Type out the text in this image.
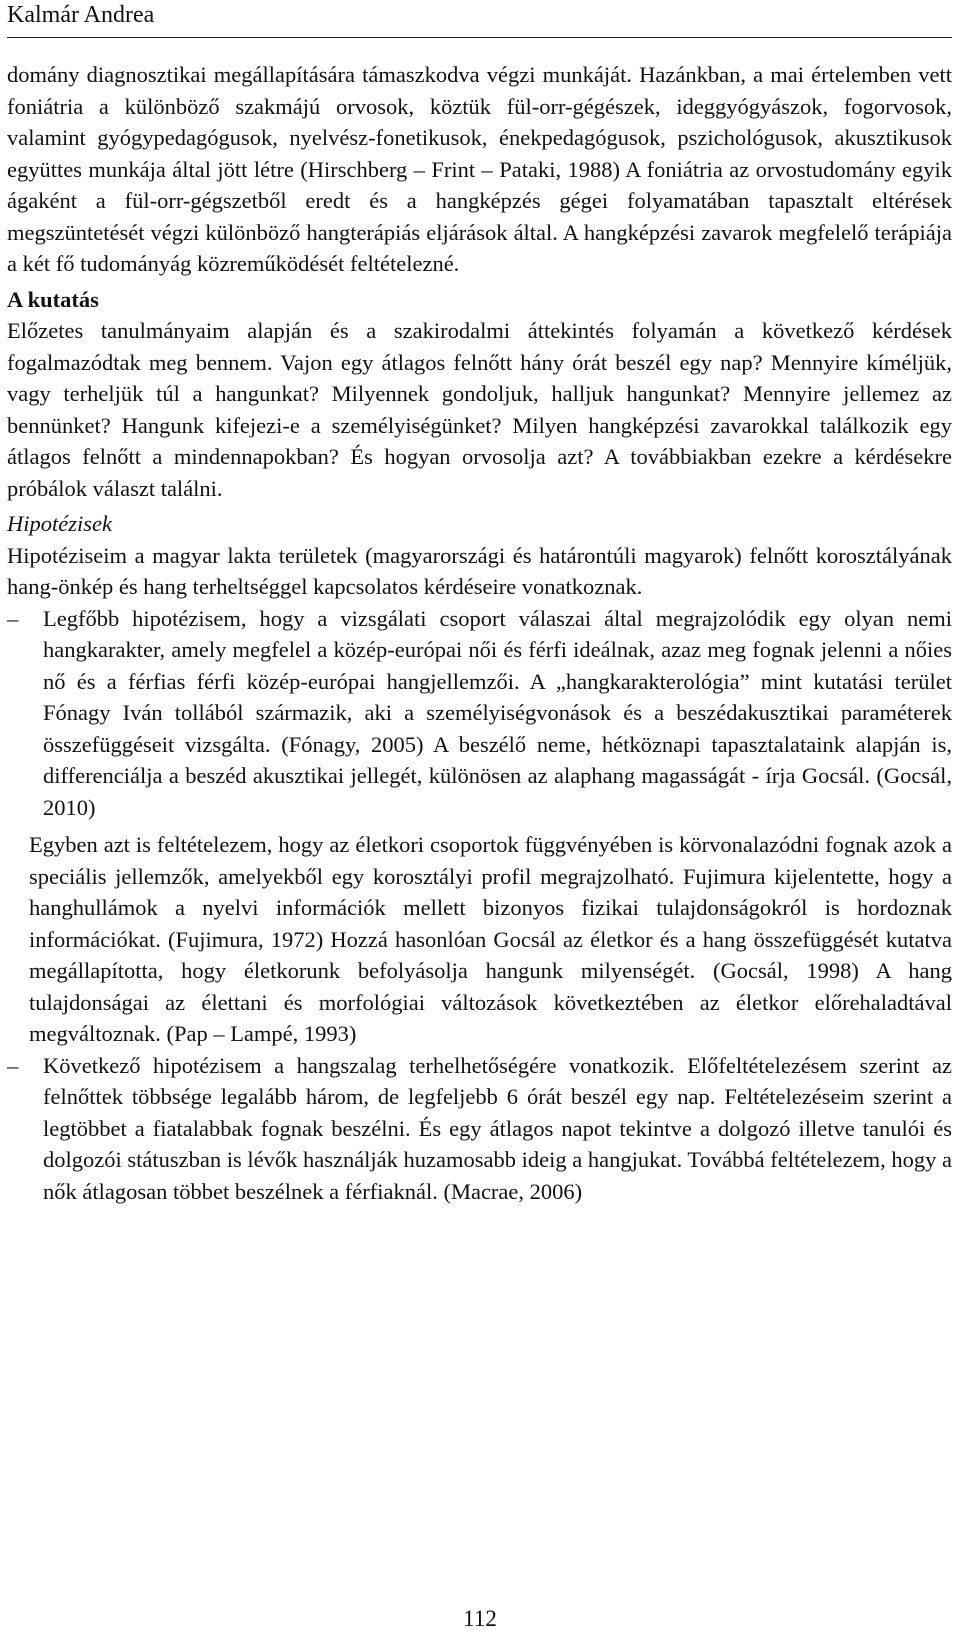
Kalmár Andrea

domány diagnosztikai megállapítására támaszkodva végzi munkáját. Hazánkban, a mai értelemben vett foniátria a különböző szakmájú orvosok, köztük fül-orr-gégészek, ideggyógyászok, fogorvosok, valamint gyógypedagógusok, nyelvész-fonetikusok, énekpedagógusok, pszichológusok, akusztikusok együttes munkája által jött létre (Hirschberg – Frint – Pataki, 1988) A foniátria az orvostudomány egyik ágaként a fül-orr-gégszetből eredt és a hangképzés gégei folyamatában tapasztalt eltérések megszüntetését végzi különböző hangterápiás eljárások által. A hangképzési zavarok megfelelő terápiája a két fő tudományág közreműködését feltételezné.

A kutatás

Előzetes tanulmányaim alapján és a szakirodalmi áttekintés folyamán a következő kérdések fogalmazódtak meg bennem. Vajon egy átlagos felnőtt hány órát beszél egy nap? Mennyire kíméljük, vagy terheljük túl a hangunkat? Milyennek gondoljuk, halljuk hangunkat? Mennyire jellemez az bennünket? Hangunk kifejezi-e a személyiségünket? Milyen hangképzési zavarokkal találkozik egy átlagos felnőtt a mindennapokban? És hogyan orvosolja azt? A továbbiakban ezekre a kérdésekre próbálok választ találni.

Hipotézisek

Hipotéziseim a magyar lakta területek (magyarországi és határontúli magyarok) felnőtt korosztályának hang-önkép és hang terheltséggel kapcsolatos kérdéseire vonatkoznak.

– Legfőbb hipotézisem, hogy a vizsgálati csoport válaszai által megrajzolódik egy olyan nemi hangkarakter, amely megfelel a közép-európai női és férfi ideálnak, azaz meg fognak jelenni a nőies nő és a férfias férfi közép-európai hangjellemzői. A „hangkarakterológia” mint kutatási terület Fónagy Iván tollából származik, aki a személyiségvonások és a beszédakusztikai paraméterek összefüggéseit vizsgálta. (Fónagy, 2005) A beszélő neme, hétköznapi tapasztalataink alapján is, differenciálja a beszéd akusztikai jellegét, különösen az alaphang magasságát - írja Gocsál. (Gocsál, 2010)

Egyben azt is feltételezem, hogy az életkori csoportok függvényében is körvonalazódni fognak azok a speciális jellemzők, amelyekből egy korosztályi profil megrajzolható. Fujimura kijelentette, hogy a hanghullámok a nyelvi információk mellett bizonyos fizikai tulajdonságokról is hordoznak információkat. (Fujimura, 1972) Hozzá hasonlóan Gocsál az életkor és a hang összefüggését kutatva megállapította, hogy életkorunk befolyásolja hangunk milyenségét. (Gocsál, 1998) A hang tulajdonságai az élettani és morfológiai változások következtében az életkor előrehaladtával megváltoznak. (Pap – Lampé, 1993)

– Következő hipotézisem a hangszalag terhelhetőségére vonatkozik. Előfeltételezésem szerint az felnőttek többsége legalább három, de legfeljebb 6 órát beszél egy nap. Feltételezéseim szerint a legtöbbet a fiatalabbak fognak beszélni. És egy átlagos napot tekintve a dolgozó illetve tanulói és dolgozói státuszban is lévők használják huzamosabb ideig a hangjukat. Továbbá feltételezem, hogy a nők átlagosan többet beszélnek a férfiaknál. (Macrae, 2006)
112
